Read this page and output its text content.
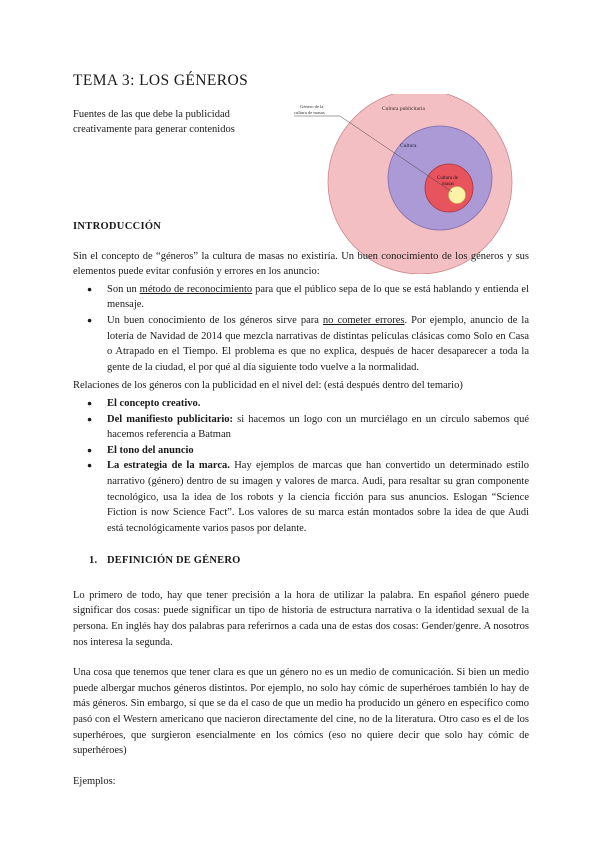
TEMA 3: LOS GÉNEROS
Fuentes de las que debe la publicidad creativamente para generar contenidos
Cultura publicitaria
Cultura
Cultura de
masas
Género de la
cultura de masas
INTRODUCCIÓN

Sin el concepto de “géneros” la cultura de masas no existiría. Un buen conocimiento de los géneros y sus elementos puede evitar confusión y errores en los anuncio:

● Son un método de reconocimiento para que el público sepa de lo que se está hablando y entienda el mensaje.
● Un buen conocimiento de los géneros sirve para no cometer errores. Por ejemplo, anuncio de la lotería de Navidad de 2014 que mezcla narrativas de distintas películas clásicas como Solo en Casa o Atrapado en el Tiempo. El problema es que no explica, después de hacer desaparecer a toda la gente de la ciudad, el por qué al día siguiente todo vuelve a la normalidad.

Relaciones de los géneros con la publicidad en el nivel del: (está después dentro del temario)

● El concepto creativo.
● Del manifiesto publicitario: si hacemos un logo con un murciélago en un círculo sabemos qué hacemos referencia a Batman
● El tono del anuncio
● La estrategia de la marca. Hay ejemplos de marcas que han convertido un determinado estilo narrativo (género) dentro de su imagen y valores de marca. Audi, para resaltar su gran componente tecnológico, usa la idea de los robots y la ciencia ficción para sus anuncios. Eslogan “Science Fiction is now Science Fact”. Los valores de su marca están montados sobre la idea de que Audi está tecnológicamente varios pasos por delante.
1. DEFINICIÓN DE GÉNERO

Lo primero de todo, hay que tener precisión a la hora de utilizar la palabra. En español género puede significar dos cosas: puede significar un tipo de historia de estructura narrativa o la identidad sexual de la persona. En inglés hay dos palabras para referirnos a cada una de estas dos cosas: Gender/genre. A nosotros nos interesa la segunda.

Una cosa que tenemos que tener clara es que un género no es un medio de comunicación. Si bien un medio puede albergar muchos géneros distintos. Por ejemplo, no solo hay cómic de superhéroes también lo hay de más géneros. Sin embargo, sí que se da el caso de que un medio ha producido un género en específico como pasó con el Western americano que nacieron directamente del cine, no de la literatura. Otro caso es el de los superhéroes, que surgieron esencialmente en los cómics (eso no quiere decir que solo hay cómic de superhéroes)

Ejemplos:
